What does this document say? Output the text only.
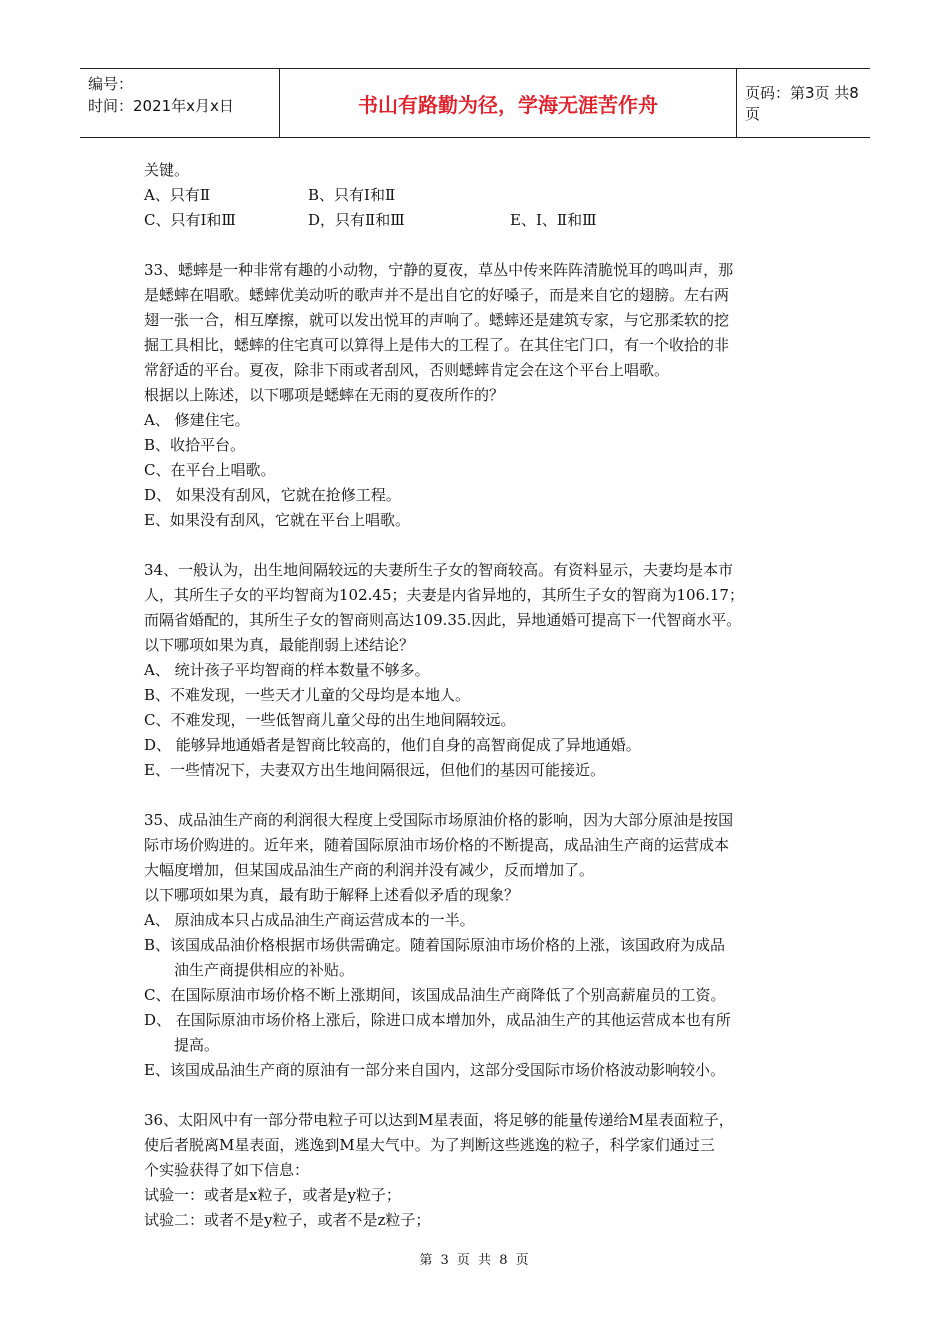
编号：
时间：2021年x月x日	书山有路勤为径，学海无涯苦作舟	页码：第3页 共8页
关键。
A、只有Ⅱ	B、只有Ⅰ和Ⅱ
C、只有Ⅰ和Ⅲ	D，只有Ⅱ和Ⅲ	E、Ⅰ、Ⅱ和Ⅲ
33、蟋蟀是一种非常有趣的小动物，宁静的夏夜，草丛中传来阵阵清脆悦耳的鸣叫声，那
是蟋蟀在唱歌。蟋蟀优美动听的歌声并不是出自它的好嗓子，而是来自它的翅膀。左右两
翅一张一合，相互摩擦，就可以发出悦耳的声响了。蟋蟀还是建筑专家，与它那柔软的挖
掘工具相比，蟋蟀的住宅真可以算得上是伟大的工程了。在其住宅门口，有一个收拾的非
常舒适的平台。夏夜，除非下雨或者刮风，否则蟋蟀肯定会在这个平台上唱歌。
根据以上陈述，以下哪项是蟋蟀在无雨的夏夜所作的？
A、 修建住宅。
B、收拾平台。
C、在平台上唱歌。
D、 如果没有刮风，它就在抢修工程。
E、如果没有刮风，它就在平台上唱歌。
34、一般认为，出生地间隔较远的夫妻所生子女的智商较高。有资料显示，夫妻均是本市
人，其所生子女的平均智商为102.45；夫妻是内省异地的，其所生子女的智商为106.17；
而隔省婚配的，其所生子女的智商则高达109.35.因此，异地通婚可提高下一代智商水平。
以下哪项如果为真，最能削弱上述结论？
A、 统计孩子平均智商的样本数量不够多。
B、不难发现，一些天才儿童的父母均是本地人。
C、不难发现，一些低智商儿童父母的出生地间隔较远。
D、 能够异地通婚者是智商比较高的，他们自身的高智商促成了异地通婚。
E、一些情况下，夫妻双方出生地间隔很远，但他们的基因可能接近。
35、成品油生产商的利润很大程度上受国际市场原油价格的影响，因为大部分原油是按国
际市场价购进的。近年来，随着国际原油市场价格的不断提高，成品油生产商的运营成本
大幅度增加，但某国成品油生产商的利润并没有减少，反而增加了。
以下哪项如果为真，最有助于解释上述看似矛盾的现象？
A、 原油成本只占成品油生产商运营成本的一半。
B、该国成品油价格根据市场供需确定。随着国际原油市场价格的上涨，该国政府为成品
油生产商提供相应的补贴。
C、在国际原油市场价格不断上涨期间，该国成品油生产商降低了个别高薪雇员的工资。
D、 在国际原油市场价格上涨后，除进口成本增加外，成品油生产的其他运营成本也有所
提高。
E、该国成品油生产商的原油有一部分来自国内，这部分受国际市场价格波动影响较小。
36、太阳风中有一部分带电粒子可以达到M星表面，将足够的能量传递给M星表面粒子，
使后者脱离M星表面，逃逸到M星大气中。为了判断这些逃逸的粒子，科学家们通过三
个实验获得了如下信息：
试验一：或者是x粒子，或者是y粒子；
试验二：或者不是y粒子，或者不是z粒子；
第 3 页 共 8 页
